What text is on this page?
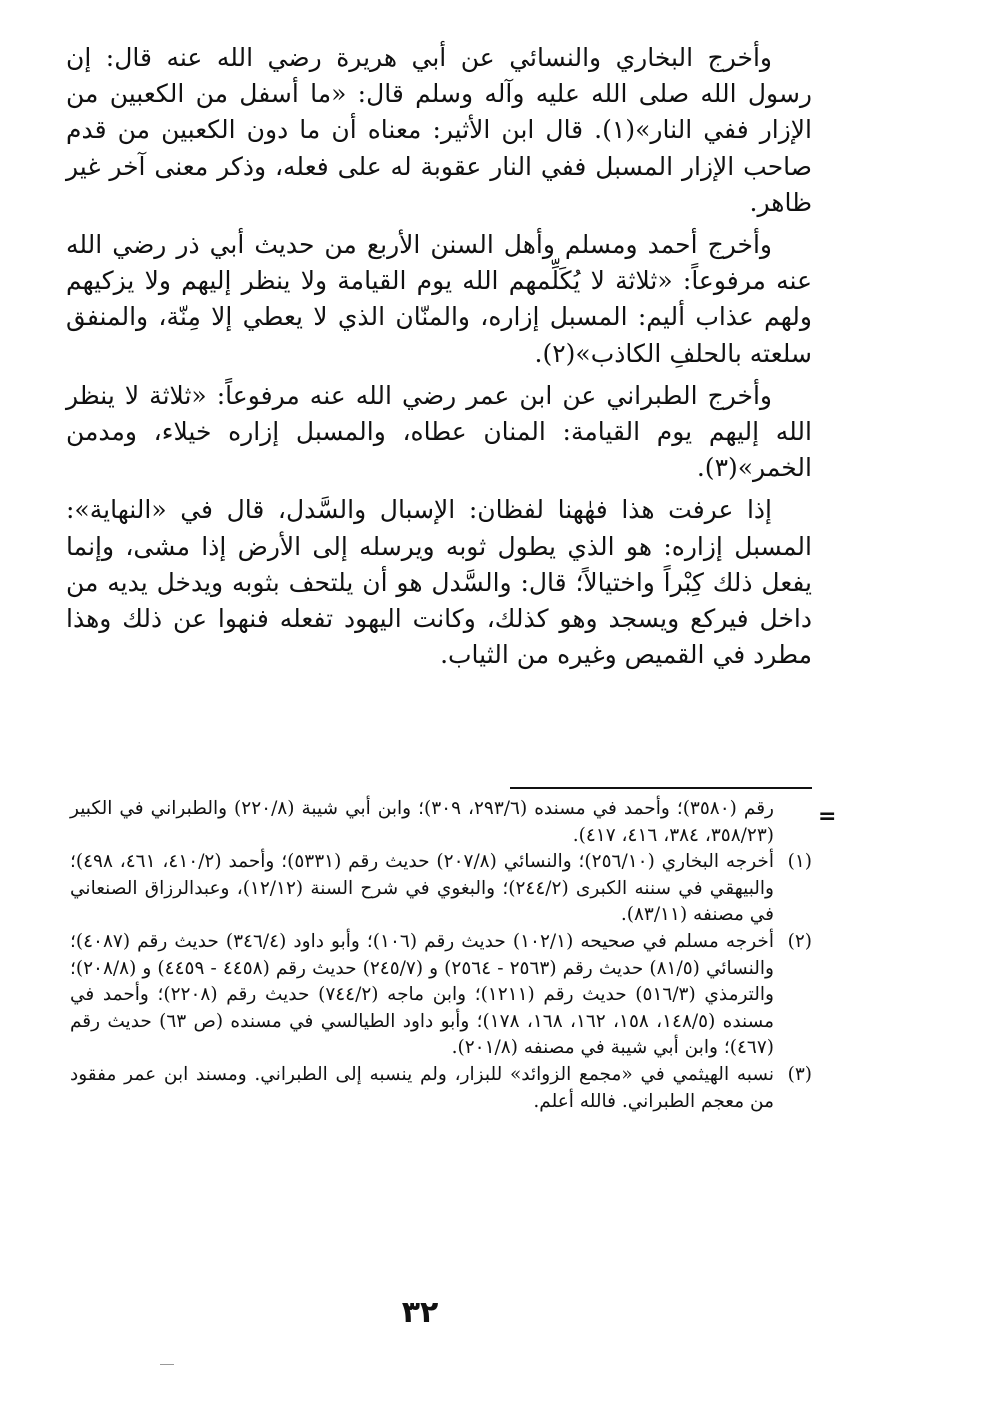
وأخرج البخاري والنسائي عن أبي هريرة رضي الله عنه قال: إن رسول الله صلى الله عليه وآله وسلم قال: «ما أسفل من الكعبين من الإزار ففي النار»(١). قال ابن الأثير: معناه أن ما دون الكعبين من قدم صاحب الإزار المسبل ففي النار عقوبة له على فعله، وذكر معنى آخر غير ظاهر.

وأخرج أحمد ومسلم وأهل السنن الأربع من حديث أبي ذر رضي الله عنه مرفوعاً: «ثلاثة لا يُكَلِّمهم الله يوم القيامة ولا ينظر إليهم ولا يزكيهم ولهم عذاب أليم: المسبل إزاره، والمنّان الذي لا يعطي إلا مِنّة، والمنفق سلعته بالحلفِ الكاذب»(٢).

وأخرج الطبراني عن ابن عمر رضي الله عنه مرفوعاً: «ثلاثة لا ينظر الله إليهم يوم القيامة: المنان عطاه، والمسبل إزاره خيلاء، ومدمن الخمر»(٣).

إذا عرفت هذا فهٰهنا لفظان: الإسبال والسَّدل، قال في «النهاية»: المسبل إزاره: هو الذي يطول ثوبه ويرسله إلى الأرض إذا مشى، وإنما يفعل ذلك كِبْراً واختيالاً؛ قال: والسَّدل هو أن يلتحف بثوبه ويدخل يديه من داخل فيركع ويسجد وهو كذلك، وكانت اليهود تفعله فنهوا عن ذلك وهذا مطرد في القميص وغيره من الثياب.

=

رقم (٣٥٨٠)؛ وأحمد في مسنده (٢٩٣/٦، ٣٠٩)؛ وابن أبي شيبة (٢٢٠/٨) والطبراني في الكبير (٣٥٨/٢٣، ٣٨٤، ٤١٦، ٤١٧).

(١)
أخرجه البخاري (٢٥٦/١٠)؛ والنسائي (٢٠٧/٨) حديث رقم (٥٣٣١)؛ وأحمد (٤١٠/٢، ٤٦١، ٤٩٨)؛ والبيهقي في سننه الكبرى (٢٤٤/٢)؛ والبغوي في شرح السنة (١٢/١٢)، وعبدالرزاق الصنعاني في مصنفه (٨٣/١١).

(٢)
أخرجه مسلم في صحيحه (١٠٢/١) حديث رقم (١٠٦)؛ وأبو داود (٣٤٦/٤) حديث رقم (٤٠٨٧)؛ والنسائي (٨١/٥) حديث رقم (٢٥٦٣ - ٢٥٦٤) و (٢٤٥/٧) حديث رقم (٤٤٥٨ - ٤٤٥٩) و (٢٠٨/٨)؛ والترمذي (٥١٦/٣) حديث رقم (١٢١١)؛ وابن ماجه (٧٤٤/٢) حديث رقم (٢٢٠٨)؛ وأحمد في مسنده (١٤٨/٥، ١٥٨، ١٦٢، ١٦٨، ١٧٨)؛ وأبو داود الطيالسي في مسنده (ص ٦٣) حديث رقم (٤٦٧)؛ وابن أبي شيبة في مصنفه (٢٠١/٨).

(٣)
نسبه الهيثمي في «مجمع الزوائد» للبزار، ولم ينسبه إلى الطبراني. ومسند ابن عمر مفقود من معجم الطبراني. فالله أعلم.

٣٢
